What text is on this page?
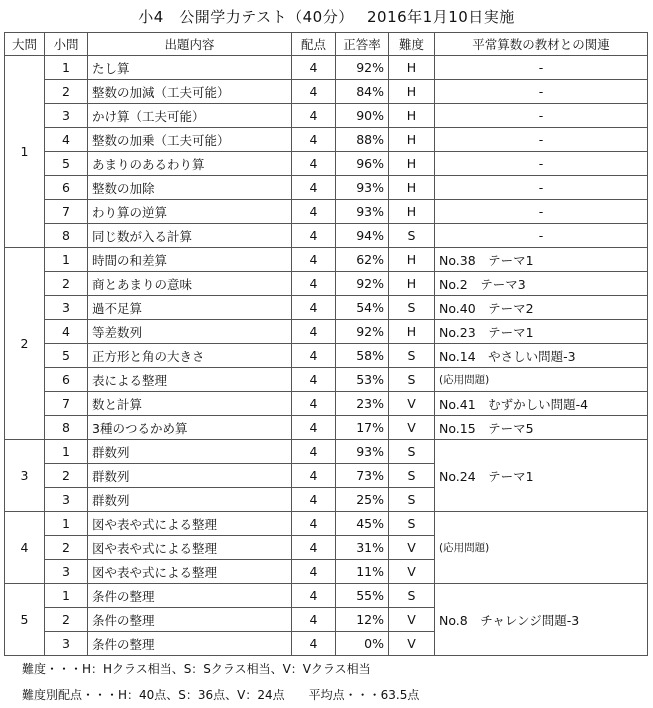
小4　公開学力テスト（40分）　 2016年1月10日実施
大問	小問	出題内容	配点	正答率	難度	平常算数の教材との関連
1	1	たし算	4	92%	H	-
	2	整数の加減（工夫可能）	4	84%	H	-
	3	かけ算（工夫可能）	4	90%	H	-
	4	整数の加乗（工夫可能）	4	88%	H	-
	5	あまりのあるわり算	4	96%	H	-
	6	整数の加除	4	93%	H	-
	7	わり算の逆算	4	93%	H	-
	8	同じ数が入る計算	4	94%	S	-
2	1	時間の和差算	4	62%	H	No.38　テーマ1
	2	商とあまりの意味	4	92%	H	No.2　テーマ3
	3	過不足算	4	54%	S	No.40　テーマ2
	4	等差数列	4	92%	H	No.23　テーマ1
	5	正方形と角の大きさ	4	58%	S	No.14　やさしい問題-3
	6	表による整理	4	53%	S	(応用問題)
	7	数と計算	4	23%	V	No.41　むずかしい問題-4
	8	3種のつるかめ算	4	17%	V	No.15　テーマ5
3	1	群数列	4	93%	S	No.24　テーマ1
	2	群数列	4	73%	S	
	3	群数列	4	25%	S	
4	1	図や表や式による整理	4	45%	S	(応用問題)
	2	図や表や式による整理	4	31%	V	
	3	図や表や式による整理	4	11%	V	
5	1	条件の整理	4	55%	S	No.8　チャレンジ問題-3
	2	条件の整理	4	12%	V	
	3	条件の整理	4	0%	V	
難度・・・H：Hクラス相当、S：Sクラス相当、V：Vクラス相当
難度別配点・・・H：40点、S：36点、V：24点　　平均点・・・63.5点
